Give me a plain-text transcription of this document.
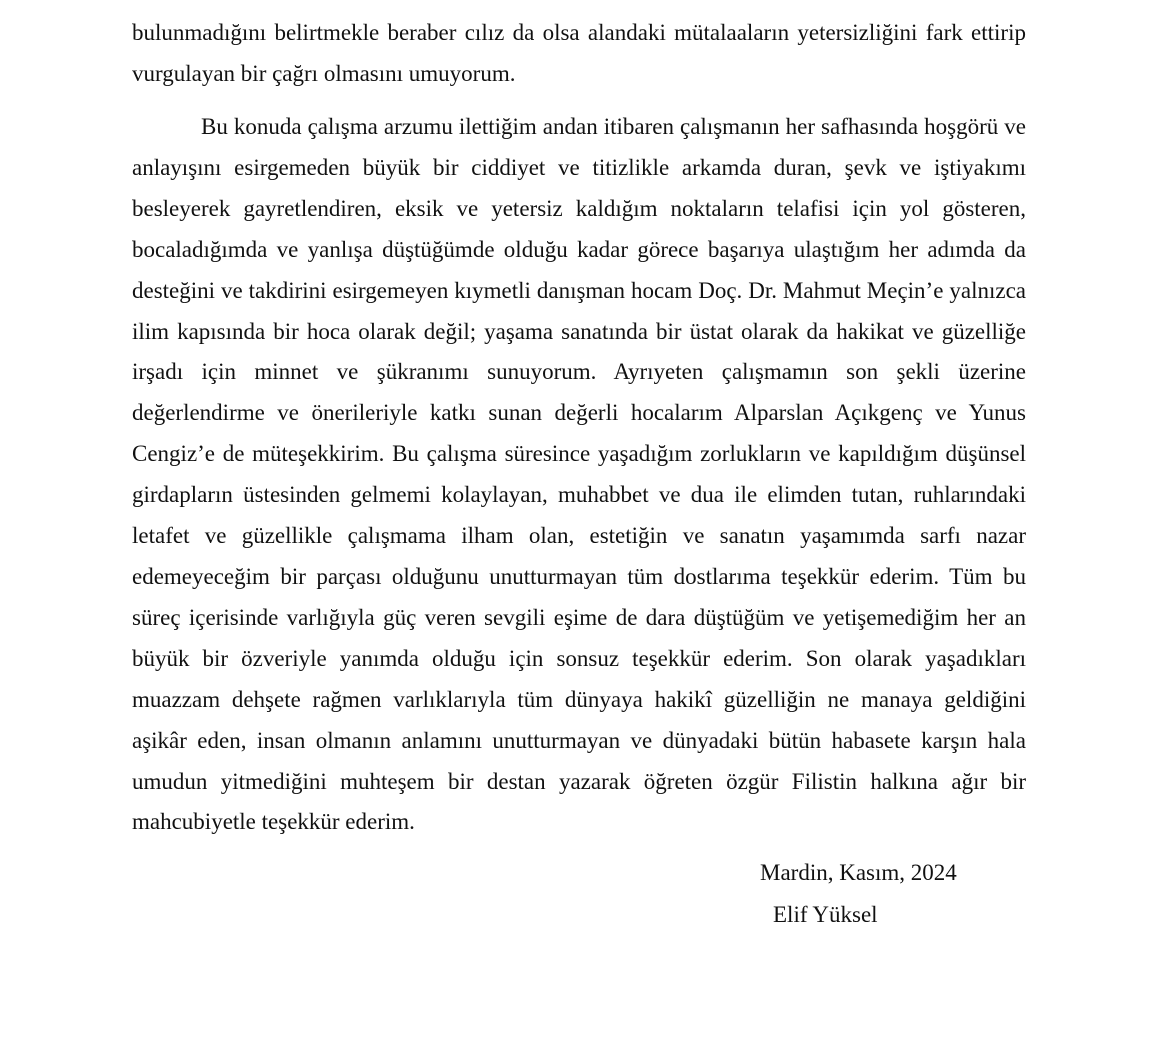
bulunmadığını belirtmekle beraber cılız da olsa alandaki mütalaaların yetersizliğini fark ettirip vurgulayan bir çağrı olmasını umuyorum.

Bu konuda çalışma arzumu ilettiğim andan itibaren çalışmanın her safhasında hoşgörü ve anlayışını esirgemeden büyük bir ciddiyet ve titizlikle arkamda duran, şevk ve iştiyakımı besleyerek gayretlendiren, eksik ve yetersiz kaldığım noktaların telafisi için yol gösteren, bocaladığımda ve yanlışa düştüğümde olduğu kadar görece başarıya ulaştığım her adımda da desteğini ve takdirini esirgemeyen kıymetli danışman hocam Doç. Dr. Mahmut Meçin’e yalnızca ilim kapısında bir hoca olarak değil; yaşama sanatında bir üstat olarak da hakikat ve güzelliğe irşadı için minnet ve şükranımı sunuyorum. Ayrıyeten çalışmamın son şekli üzerine değerlendirme ve önerileriyle katkı sunan değerli hocalarım Alparslan Açıkgenç ve Yunus Cengiz’e de müteşekkirim. Bu çalışma süresince yaşadığım zorlukların ve kapıldığım düşünsel girdapların üstesinden gelmemi kolaylayan, muhabbet ve dua ile elimden tutan, ruhlarındaki letafet ve güzellikle çalışmama ilham olan, estetiğin ve sanatın yaşamımda sarfı nazar edemeyeceğim bir parçası olduğunu unutturmayan tüm dostlarıma teşekkür ederim. Tüm bu süreç içerisinde varlığıyla güç veren sevgili eşime de dara düştüğüm ve yetişemediğim her an büyük bir özveriyle yanımda olduğu için sonsuz teşekkür ederim. Son olarak yaşadıkları muazzam dehşete rağmen varlıklarıyla tüm dünyaya hakikî güzelliğin ne manaya geldiğini aşikâr eden, insan olmanın anlamını unutturmayan ve dünyadaki bütün habasete karşın hala umudun yitmediğini muhteşem bir destan yazarak öğreten özgür Filistin halkına ağır bir mahcubiyetle teşekkür ederim.

Mardin, Kasım, 2024

Elif Yüksel
